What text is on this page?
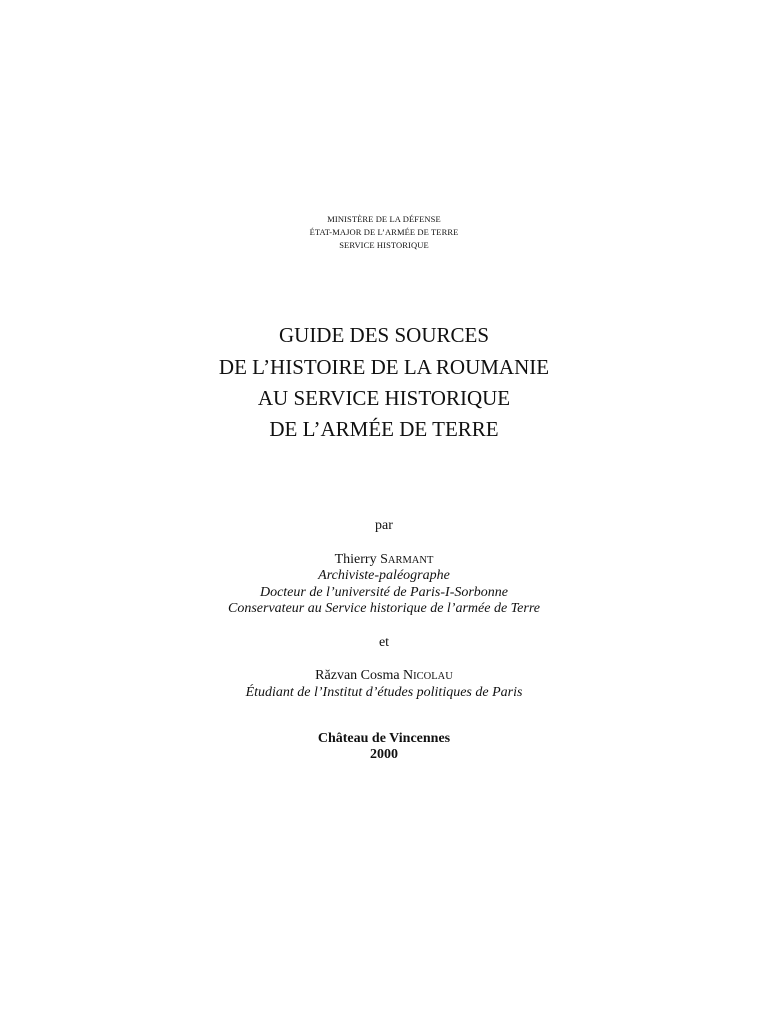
MINISTÈRE DE LA DÉFENSE
ÉTAT-MAJOR DE L’ARMÉE DE TERRE
SERVICE HISTORIQUE
GUIDE DES SOURCES
DE L’HISTOIRE DE LA ROUMANIE
AU SERVICE HISTORIQUE
DE L’ARMÉE DE TERRE
par
Thierry SARMANT
Archiviste-paléographe
Docteur de l’université de Paris-I-Sorbonne
Conservateur au Service historique de l’armée de Terre
et
Răzvan Cosma NICOLAU
Étudiant de l’Institut d’études politiques de Paris
Château de Vincennes
2000
